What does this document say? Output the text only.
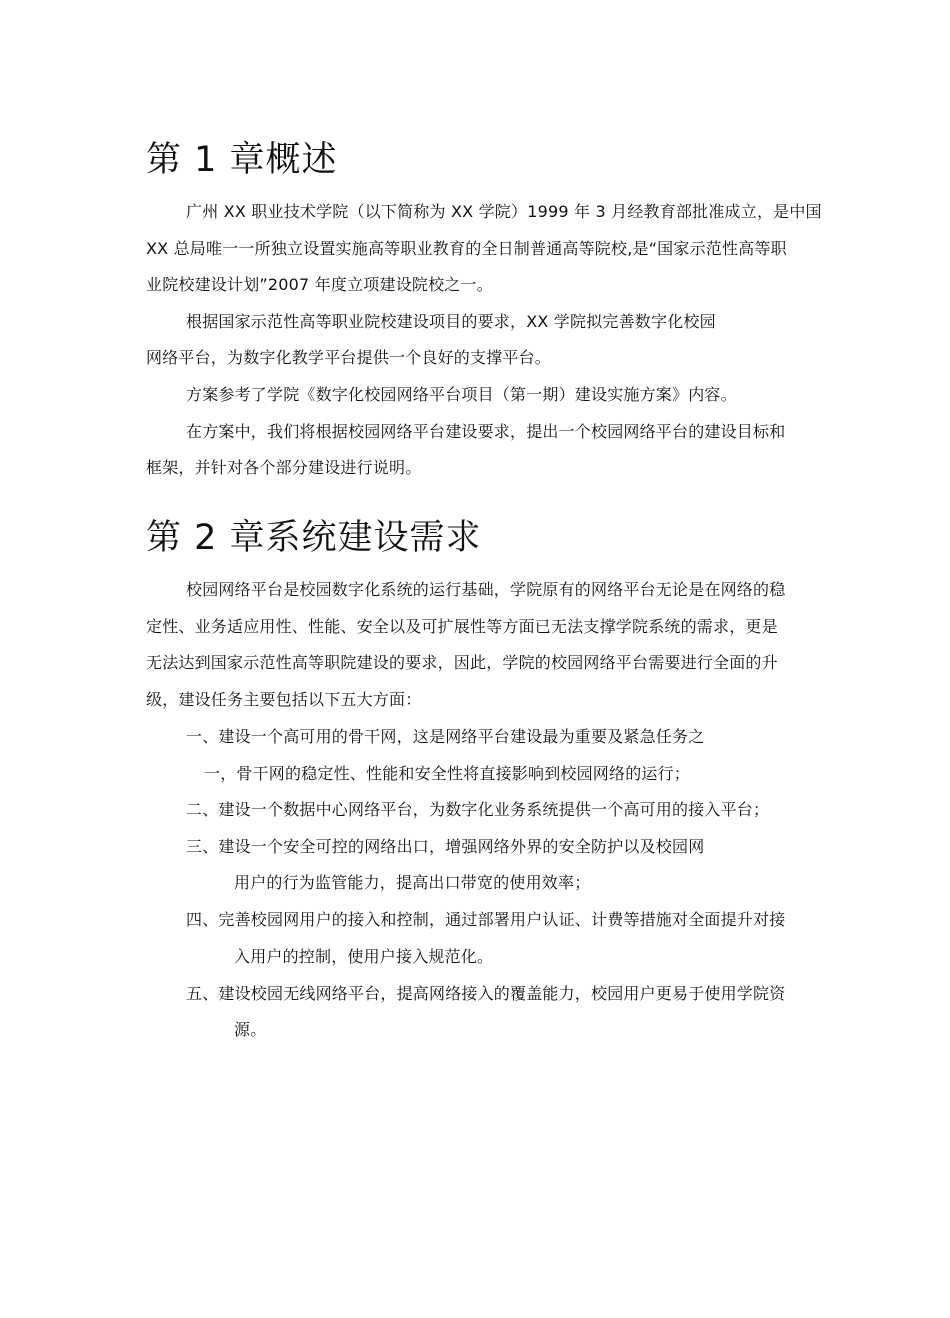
第 1 章概述

广州 XX 职业技术学院（以下简称为 XX 学院）1999 年 3 月经教育部批准成立，是中国

XX 总局唯一一所独立设置实施高等职业教育的全日制普通高等院校,是“国家示范性高等职

业院校建设计划”2007 年度立项建设院校之一。

根据国家示范性高等职业院校建设项目的要求，XX 学院拟完善数字化校园

网络平台，为数字化教学平台提供一个良好的支撑平台。

方案参考了学院《数字化校园网络平台项目（第一期）建设实施方案》内容。

在方案中，我们将根据校园网络平台建设要求，提出一个校园网络平台的建设目标和

框架，并针对各个部分建设进行说明。

第 2 章系统建设需求

校园网络平台是校园数字化系统的运行基础，学院原有的网络平台无论是在网络的稳

定性、业务适应用性、性能、安全以及可扩展性等方面已无法支撑学院系统的需求，更是

无法达到国家示范性高等职院建设的要求，因此，学院的校园网络平台需要进行全面的升

级，建设任务主要包括以下五大方面：

一、建设一个高可用的骨干网，这是网络平台建设最为重要及紧急任务之

一，骨干网的稳定性、性能和安全性将直接影响到校园网络的运行；

二、建设一个数据中心网络平台，为数字化业务系统提供一个高可用的接入平台；

三、建设一个安全可控的网络出口，增强网络外界的安全防护以及校园网

用户的行为监管能力，提高出口带宽的使用效率；

四、完善校园网用户的接入和控制，通过部署用户认证、计费等措施对全面提升对接

入用户的控制，使用户接入规范化。

五、建设校园无线网络平台，提高网络接入的覆盖能力，校园用户更易于使用学院资

源。
